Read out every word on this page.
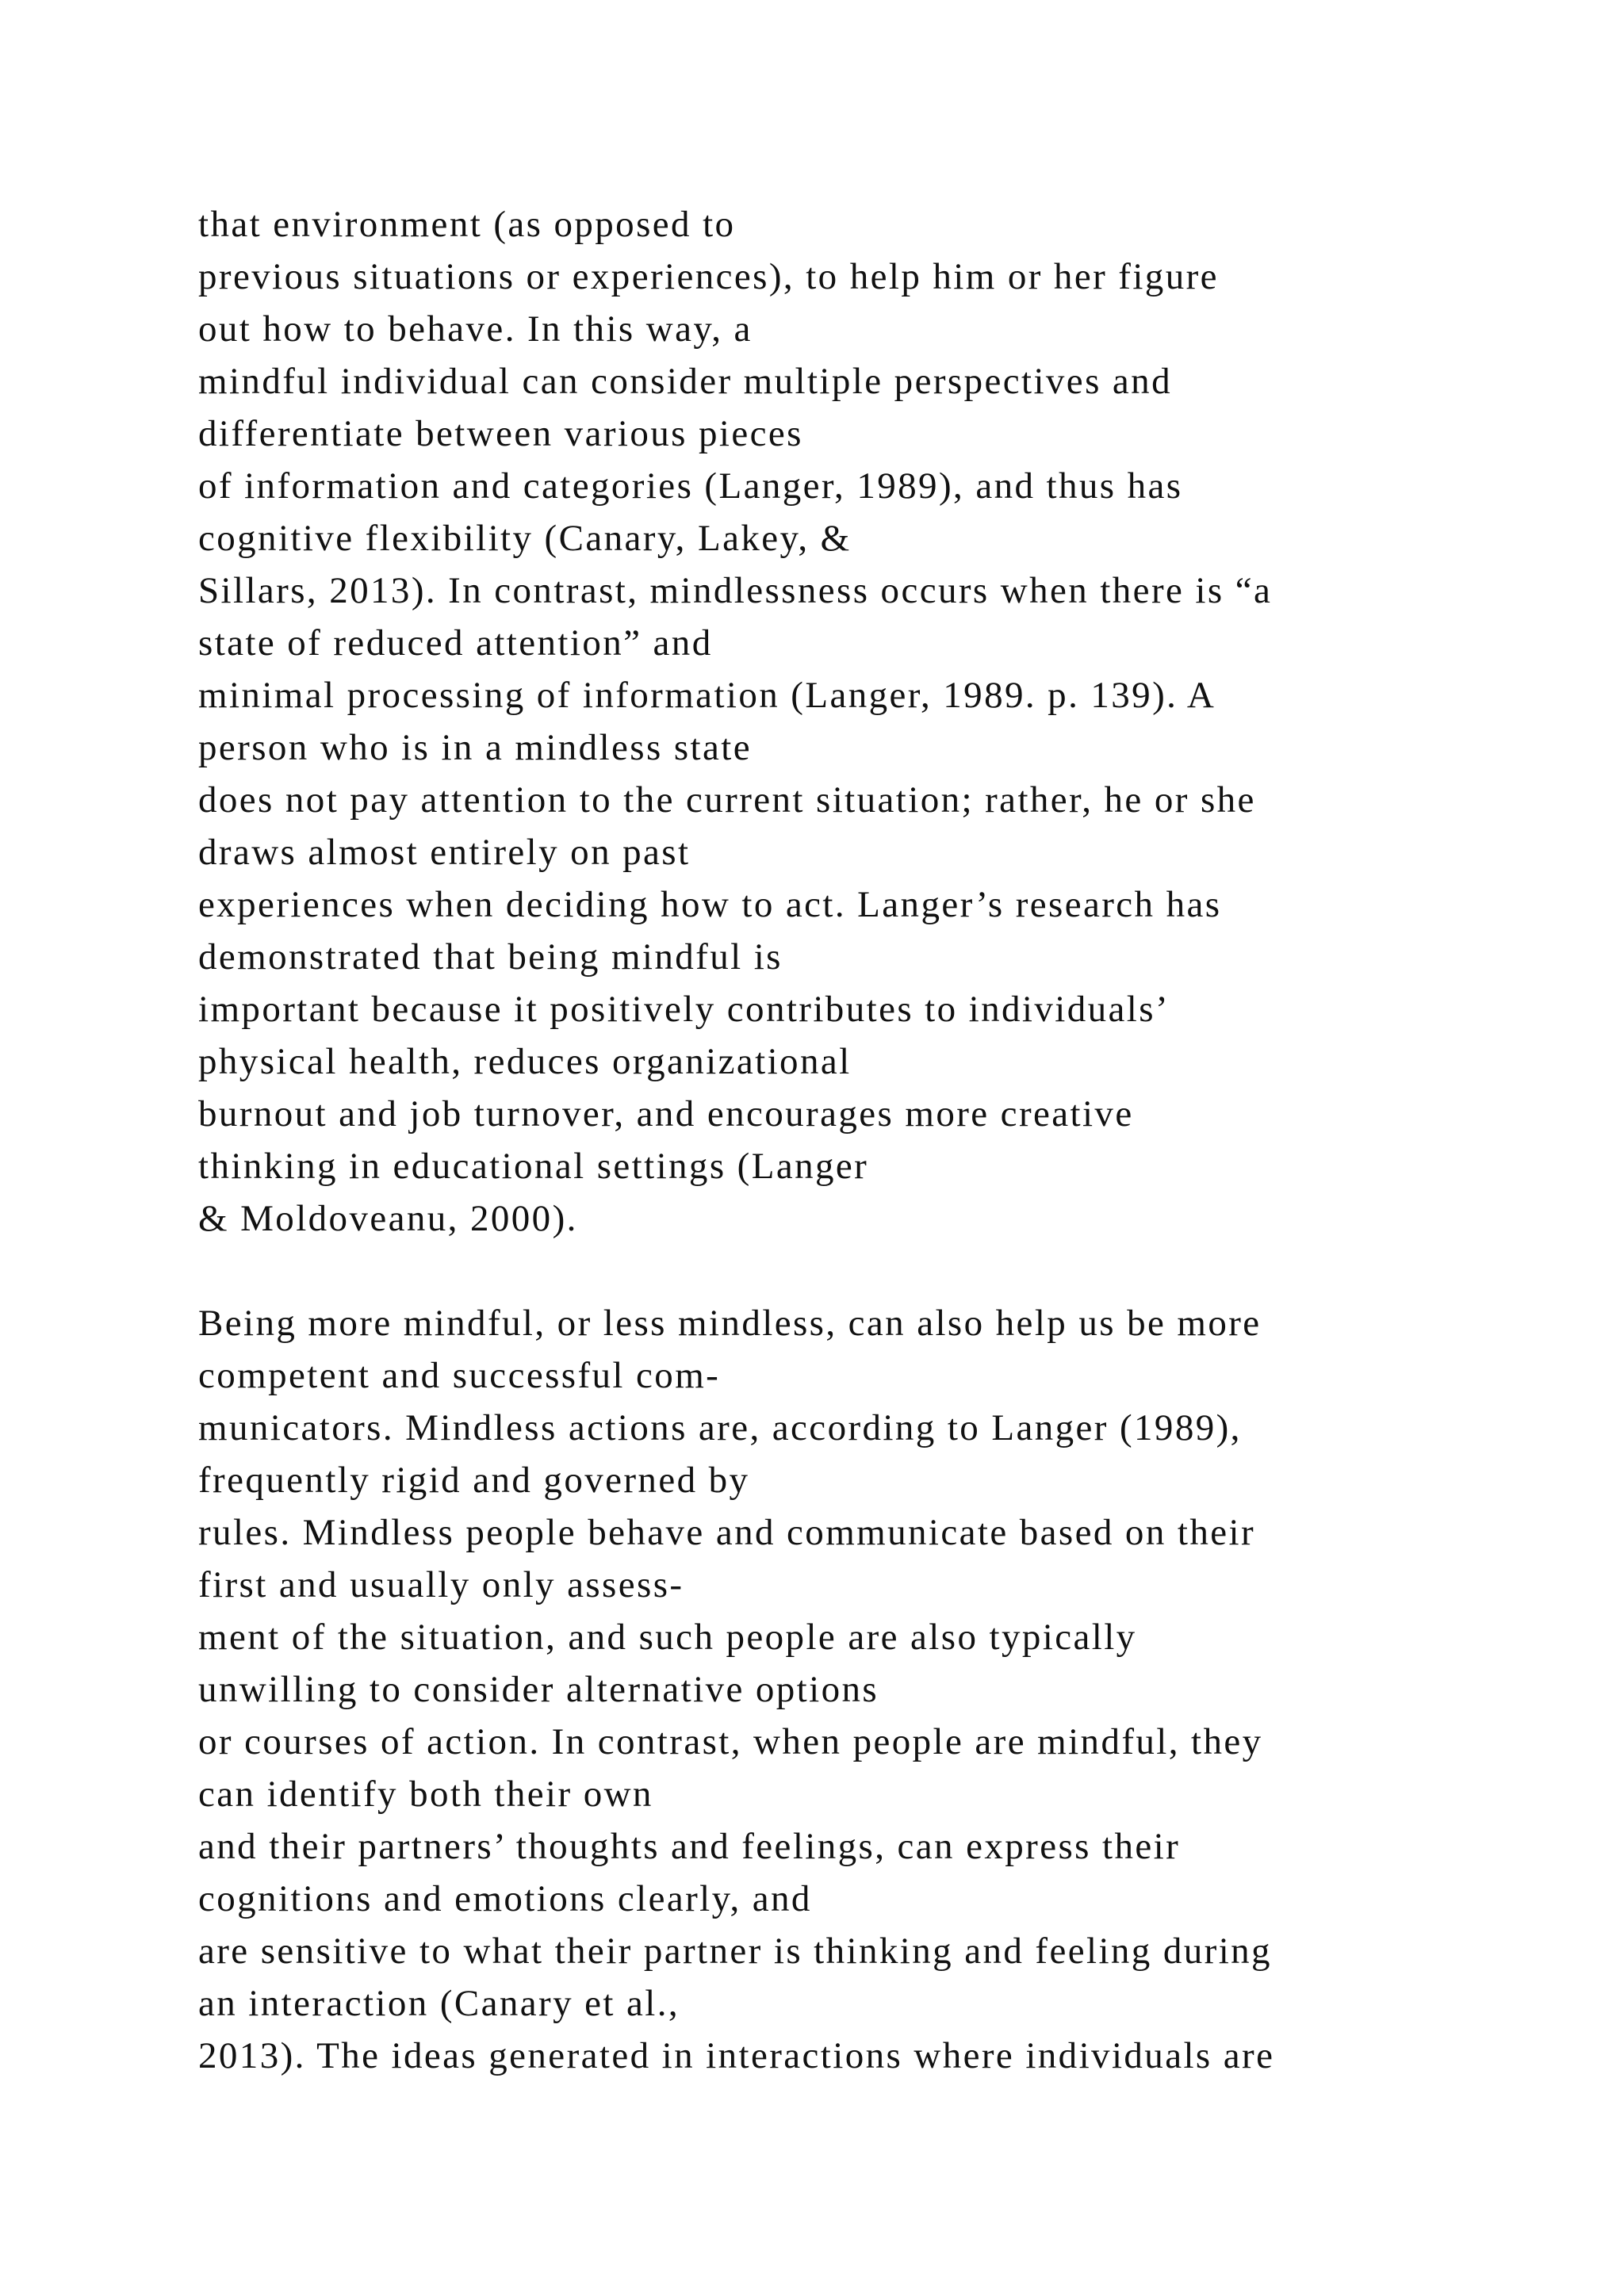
that environment (as opposed to
previous situations or experiences), to help him or her figure
out how to behave. In this way, a
mindful individual can consider multiple perspectives and
differentiate between various pieces
of information and categories (Langer, 1989), and thus has
cognitive flexibility (Canary, Lakey, &
Sillars, 2013). In contrast, mindlessness occurs when there is “a
state of reduced attention” and
minimal processing of information (Langer, 1989. p. 139). A
person who is in a mindless state
does not pay attention to the current situation; rather, he or she
draws almost entirely on past
experiences when deciding how to act. Langer’s research has
demonstrated that being mindful is
important because it positively contributes to individuals’
physical health, reduces organizational
burnout and job turnover, and encourages more creative
thinking in educational settings (Langer
& Moldoveanu, 2000).
Being more mindful, or less mindless, can also help us be more
competent and successful com-
municators. Mindless actions are, according to Langer (1989),
frequently rigid and governed by
rules. Mindless people behave and communicate based on their
first and usually only assess-
ment of the situation, and such people are also typically
unwilling to consider alternative options
or courses of action. In contrast, when people are mindful, they
can identify both their own
and their partners’ thoughts and feelings, can express their
cognitions and emotions clearly, and
are sensitive to what their partner is thinking and feeling during
an interaction (Canary et al.,
2013). The ideas generated in interactions where individuals are
